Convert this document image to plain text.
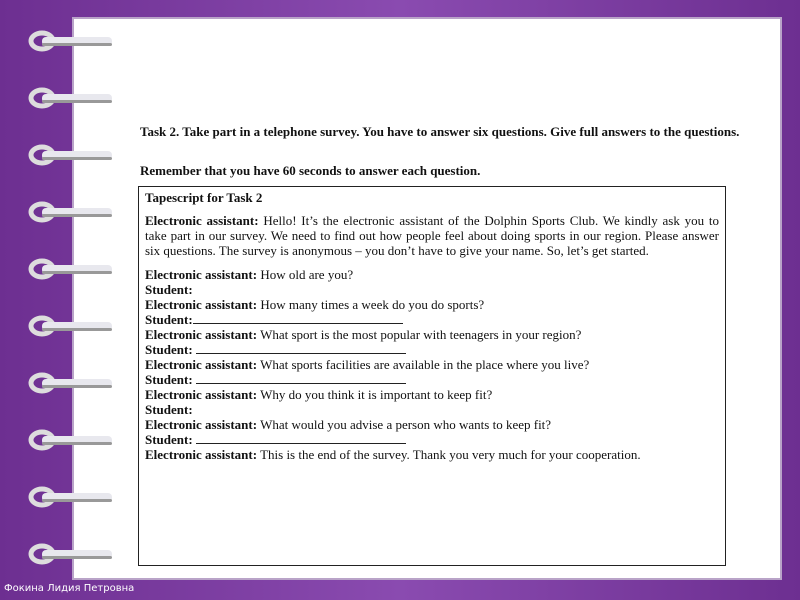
Task 2. Take part in a telephone survey. You have to answer six questions. Give full answers to the questions.
Remember that you have 60 seconds to answer each question.
Tapescript for Task 2
Electronic assistant: Hello! It’s the electronic assistant of the Dolphin Sports Club. We kindly ask you to take part in our survey. We need to find out how people feel about doing sports in our region. Please answer six questions. The survey is anonymous – you don’t have to give your name. So, let’s get started.
Electronic assistant: How old are you?
Student:
Electronic assistant: How many times a week do you do sports?
Student:
Electronic assistant: What sport is the most popular with teenagers in your region?
Student:
Electronic assistant: What sports facilities are available in the place where you live?
Student:
Electronic assistant: Why do you think it is important to keep fit?
Student:
Electronic assistant: What would you advise a person who wants to keep fit?
Student:
Electronic assistant: This is the end of the survey. Thank you very much for your cooperation.
Фокина Лидия Петровна
